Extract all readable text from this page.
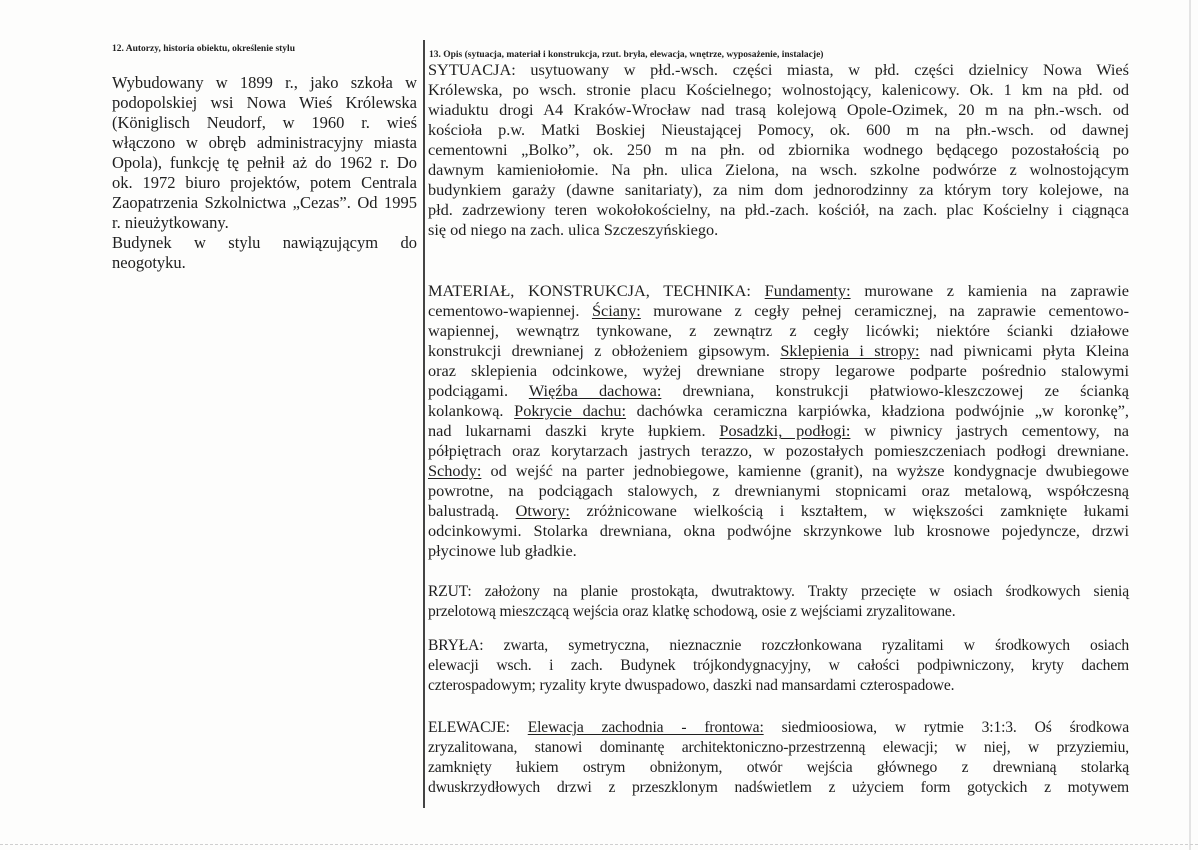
12. Autorzy, historia obiektu, określenie stylu
13. Opis (sytuacja, materiał i konstrukcja, rzut. bryła, elewacja, wnętrze, wyposażenie, instalacje)
Wybudowany w 1899 r., jako szkoła w
podopolskiej wsi Nowa Wieś Królewska
(Königlisch Neudorf, w 1960 r. wieś
włączono w obręb administracyjny miasta
Opola), funkcję tę pełnił aż do 1962 r. Do
ok. 1972 biuro projektów, potem Centrala
Zaopatrzenia Szkolnictwa „Cezas”. Od 1995
r. nieużytkowany.
Budynek w stylu nawiązującym do
neogotyku.
SYTUACJA: usytuowany w płd.-wsch. części miasta, w płd. części dzielnicy Nowa Wieś
Królewska, po wsch. stronie placu Kościelnego; wolnostojący, kalenicowy. Ok. 1 km na płd. od
wiaduktu drogi A4 Kraków-Wrocław nad trasą kolejową Opole-Ozimek, 20 m na płn.-wsch. od
kościoła p.w. Matki Boskiej Nieustającej Pomocy, ok. 600 m na płn.-wsch. od dawnej
cementowni „Bolko”, ok. 250 m na płn. od zbiornika wodnego będącego pozostałością po
dawnym kamieniołomie. Na płn. ulica Zielona, na wsch. szkolne podwórze z wolnostojącym
budynkiem garaży (dawne sanitariaty), za nim dom jednorodzinny za którym tory kolejowe, na
płd. zadrzewiony teren wokołokościelny, na płd.-zach. kościół, na zach. plac Kościelny i ciągnąca
się od niego na zach. ulica Szczeszyńskiego.
MATERIAŁ, KONSTRUKCJA, TECHNIKA: Fundamenty: murowane z kamienia na zaprawie
cementowo-wapiennej. Ściany: murowane z cegły pełnej ceramicznej, na zaprawie cementowo-
wapiennej, wewnątrz tynkowane, z zewnątrz z cegły licówki; niektóre ścianki działowe
konstrukcji drewnianej z obłożeniem gipsowym. Sklepienia i stropy: nad piwnicami płyta Kleina
oraz sklepienia odcinkowe, wyżej drewniane stropy legarowe podparte pośrednio stalowymi
podciągami. Więźba dachowa: drewniana, konstrukcji płatwiowo-kleszczowej ze ścianką
kolankową. Pokrycie dachu: dachówka ceramiczna karpiówka, kładziona podwójnie „w koronkę”,
nad lukarnami daszki kryte łupkiem. Posadzki, podłogi: w piwnicy jastrych cementowy, na
półpiętrach oraz korytarzach jastrych terazzo, w pozostałych pomieszczeniach podłogi drewniane.
Schody: od wejść na parter jednobiegowe, kamienne (granit), na wyższe kondygnacje dwubiegowe
powrotne, na podciągach stalowych, z drewnianymi stopnicami oraz metalową, współczesną
balustradą. Otwory: zróżnicowane wielkością i kształtem, w większości zamknięte łukami
odcinkowymi. Stolarka drewniana, okna podwójne skrzynkowe lub krosnowe pojedyncze, drzwi
płycinowe lub gładkie.
RZUT: założony na planie prostokąta, dwutraktowy. Trakty przecięte w osiach środkowych sienią
przelotową mieszczącą wejścia oraz klatkę schodową, osie z wejściami zryzalitowane.
BRYŁA: zwarta, symetryczna, nieznacznie rozczłonkowana ryzalitami w środkowych osiach
elewacji wsch. i zach. Budynek trójkondygnacyjny, w całości podpiwniczony, kryty dachem
czterospadowym; ryzality kryte dwuspadowo, daszki nad mansardami czterospadowe.
ELEWACJE: Elewacja zachodnia - frontowa: siedmioosiowa, w rytmie 3:1:3. Oś środkowa
zryzalitowana, stanowi dominantę architektoniczno-przestrzenną elewacji; w niej, w przyziemiu,
zamknięty łukiem ostrym obniżonym, otwór wejścia głównego z drewnianą stolarką
dwuskrzydłowych drzwi z przeszklonym nadświetlem z użyciem form gotyckich z motywem
